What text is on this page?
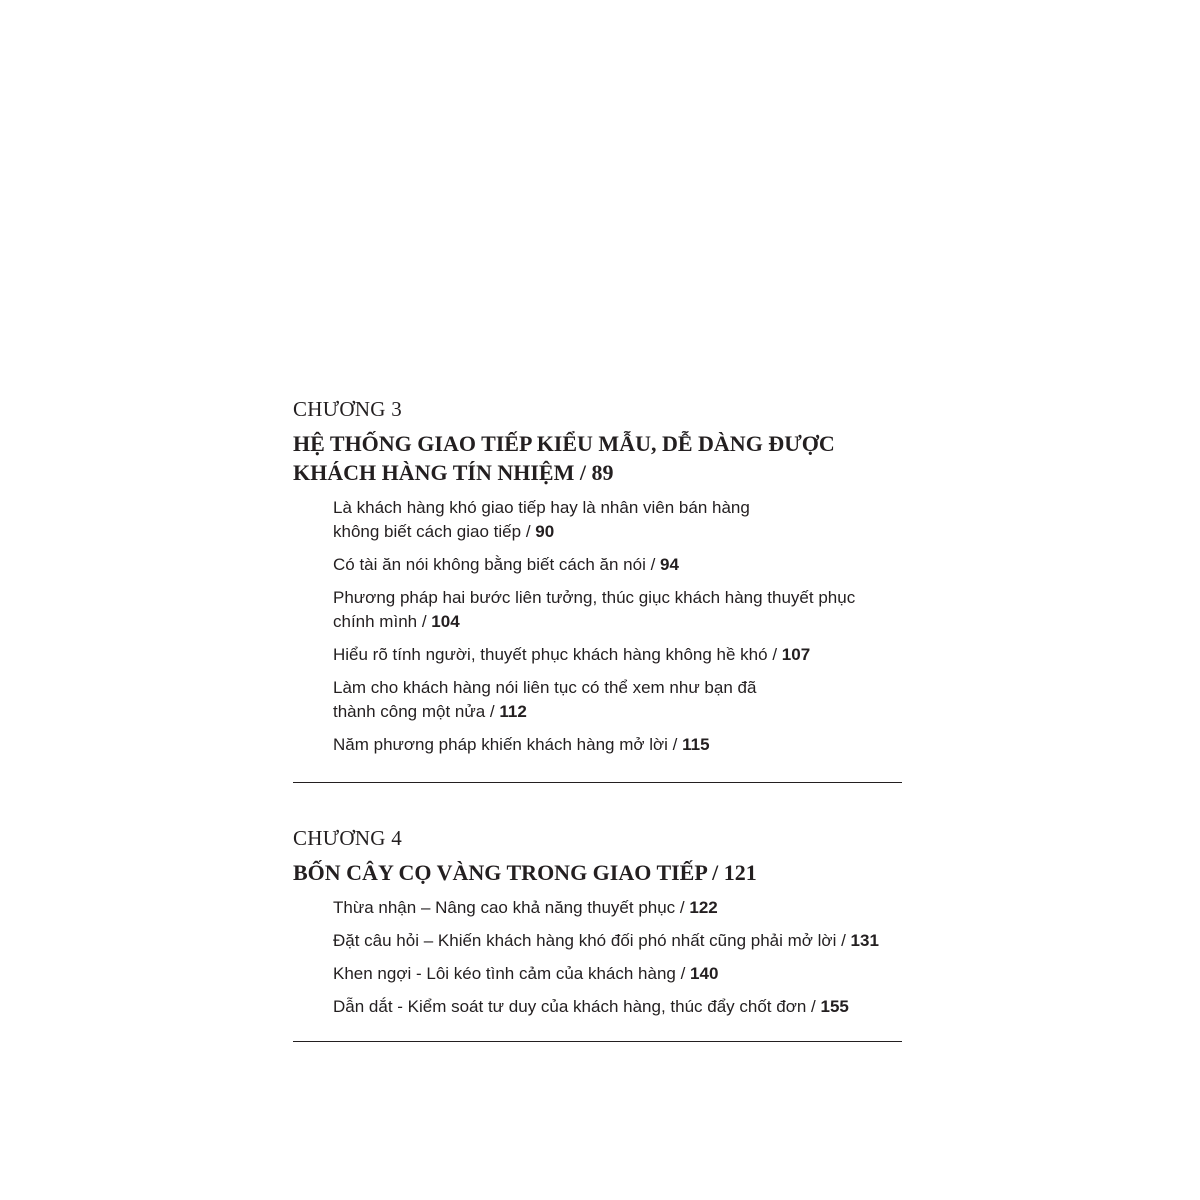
CHƯƠNG 3
HỆ THỐNG GIAO TIẾP KIỂU MẪU, DỄ DÀNG ĐƯỢC KHÁCH HÀNG TÍN NHIỆM / 89
Là khách hàng khó giao tiếp hay là nhân viên bán hàng không biết cách giao tiếp / 90
Có tài ăn nói không bằng biết cách ăn nói / 94
Phương pháp hai bước liên tưởng, thúc giục khách hàng thuyết phục chính mình / 104
Hiểu rõ tính người, thuyết phục khách hàng không hề khó / 107
Làm cho khách hàng nói liên tục có thể xem như bạn đã thành công một nửa / 112
Năm phương pháp khiến khách hàng mở lời / 115
CHƯƠNG 4
BỐN CÂY CỌ VÀNG TRONG GIAO TIẾP / 121
Thừa nhận – Nâng cao khả năng thuyết phục / 122
Đặt câu hỏi – Khiến khách hàng khó đối phó nhất cũng phải mở lời / 131
Khen ngợi - Lôi kéo tình cảm của khách hàng / 140
Dẫn dắt - Kiểm soát tư duy của khách hàng, thúc đẩy chốt đơn / 155
